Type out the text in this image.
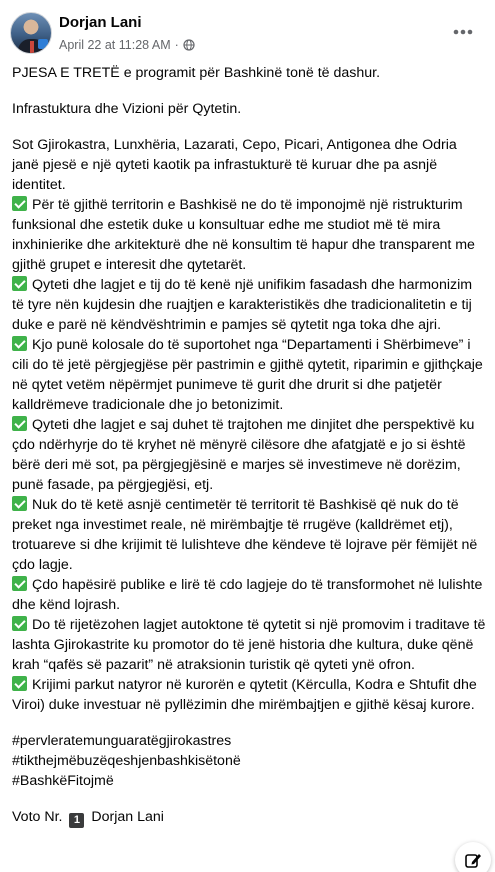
Dorjan Lani
April 22 at 11:28 AM ·

PJESA E TRETË e programit për Bashkinë tonë të dashur.

Infrastuktura dhe Vizioni për Qytetin.

Sot Gjirokastra, Lunxhëria, Lazarati, Cepo, Picari, Antigonea dhe Odria janë pjesë e një qyteti kaotik pa infrastukturë të kuruar dhe pa asnjë identitet.
Për të gjithë territorin e Bashkisë ne do të imponojmë një ristrukturim funksional dhe estetik duke u konsultuar edhe me studiot më të mira inxhinierike dhe arkitekturë dhe në konsultim të hapur dhe transparent me gjithë grupet e interesit dhe qytetarët.
Qyteti dhe lagjet e tij do të kenë një unifikim fasadash dhe harmonizim të tyre nën kujdesin dhe ruajtjen e karakteristikës dhe tradicionalitetin e tij duke e parë në këndvështrimin e pamjes së qytetit nga toka dhe ajri.
Kjo punë kolosale do të suportohet nga “Departamenti i Shërbimeve” i cili do të jetë përgjegjëse për pastrimin e gjithë qytetit, riparimin e gjithçkaje në qytet vetëm nëpërmjet punimeve të gurit dhe drurit si dhe patjetër kalldrëmeve tradicionale dhe jo betonizimit.
Qyteti dhe lagjet e saj duhet të trajtohen me dinjitet dhe perspektivë ku çdo ndërhyrje do të kryhet në mënyrë cilësore dhe afatgjatë e jo si është bërë deri më sot, pa përgjegjësinë e marjes së investimeve në dorëzim, punë fasade, pa përgjegjësi, etj.
Nuk do të ketë asnjë centimetër të territorit të Bashkisë që nuk do të preket nga investimet reale, në mirëmbajtje të rrugëve (kalldrëmet etj), trotuareve si dhe krijimit të lulishteve dhe këndeve të lojrave për fëmijët në çdo lagje.
Çdo hapësirë publike e lirë të cdo lagjeje do të transformohet në lulishte dhe kënd lojrash.
Do të rijetëzohen lagjet autoktone të qytetit si një promovim i traditave të lashta Gjirokastrite ku promotor do të jenë historia dhe kultura, duke qënë krah “qafës së pazarit” në atraksionin turistik që qyteti ynë ofron.
Krijimi parkut natyror në kurorën e qytetit (Kërculla, Kodra e Shtufit dhe Viroi) duke investuar në pyllëzimin dhe mirëmbajtjen e gjithë kësaj kurore.
#pervleratemunguaratëgjirokastres
#tikthejmëbuzëqeshjenbashkisëtonë
#BashkëFitojmë

Voto Nr. 1 Dorjan Lani
